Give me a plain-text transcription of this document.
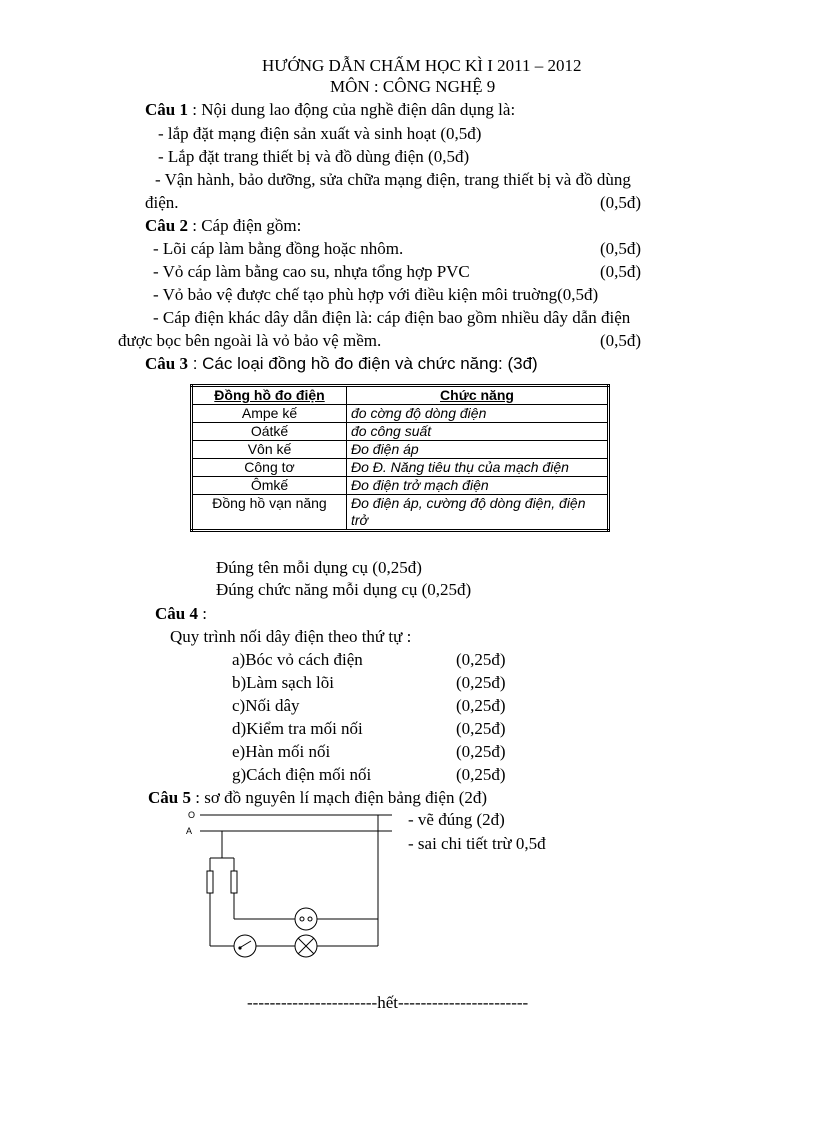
HƯỚNG DẪN CHẤM HỌC KÌ I 2011 – 2012
MÔN : CÔNG NGHỆ 9
Câu 1 : Nội dung lao động của nghề điện dân dụng là:
- lắp đặt mạng điện sản xuất và sinh hoạt (0,5đ)
- Lắp đặt trang thiết bị và đồ dùng điện (0,5đ)
- Vận hành, bảo dưỡng, sửa chữa mạng điện, trang thiết bị và đồ dùng
điện.	(0,5đ)
Câu 2 : Cáp điện gồm:
- Lõi cáp làm bằng đồng hoặc nhôm.	(0,5đ)
- Vỏ cáp làm bằng cao su, nhựa tổng hợp PVC	(0,5đ)
- Vỏ bảo vệ được chế tạo phù hợp với điều kiện môi truờng(0,5đ)
- Cáp điện khác dây dẫn điện là: cáp điện bao gồm nhiều dây dẫn điện
được bọc bên ngoài là vỏ bảo vệ mềm.	(0,5đ)
Câu 3 : Các loại đồng hồ đo điện và chức năng: (3đ)
Đồng hồ đo điện	Chức năng
Ampe kế	đo cờng độ dòng điện
Oátkế	đo công suất
Vôn kế	Đo điện áp
Công tơ	Đo Đ. Năng tiêu thụ của mạch điện
Ômkế	Đo điện trở mạch điện
Đồng hồ vạn năng	Đo điện áp, cường độ dòng điện, điện trở
Đúng tên mỗi dụng cụ (0,25đ)
Đúng chức năng mỗi dụng cụ (0,25đ)
Câu 4 :
Quy trình nối dây điện theo thứ tự :
a)Bóc vỏ cách điện	(0,25đ)
b)Làm sạch lõi	(0,25đ)
c)Nối dây	(0,25đ)
d)Kiểm tra mối nối	(0,25đ)
e)Hàn mối nối	(0,25đ)
g)Cách điện mối nối	(0,25đ)
Câu 5 : sơ đồ nguyên lí mạch điện bảng điện (2đ)
- vẽ đúng (2đ)
- sai chi tiết trừ 0,5đ
O
A
-----------------------hết-----------------------
